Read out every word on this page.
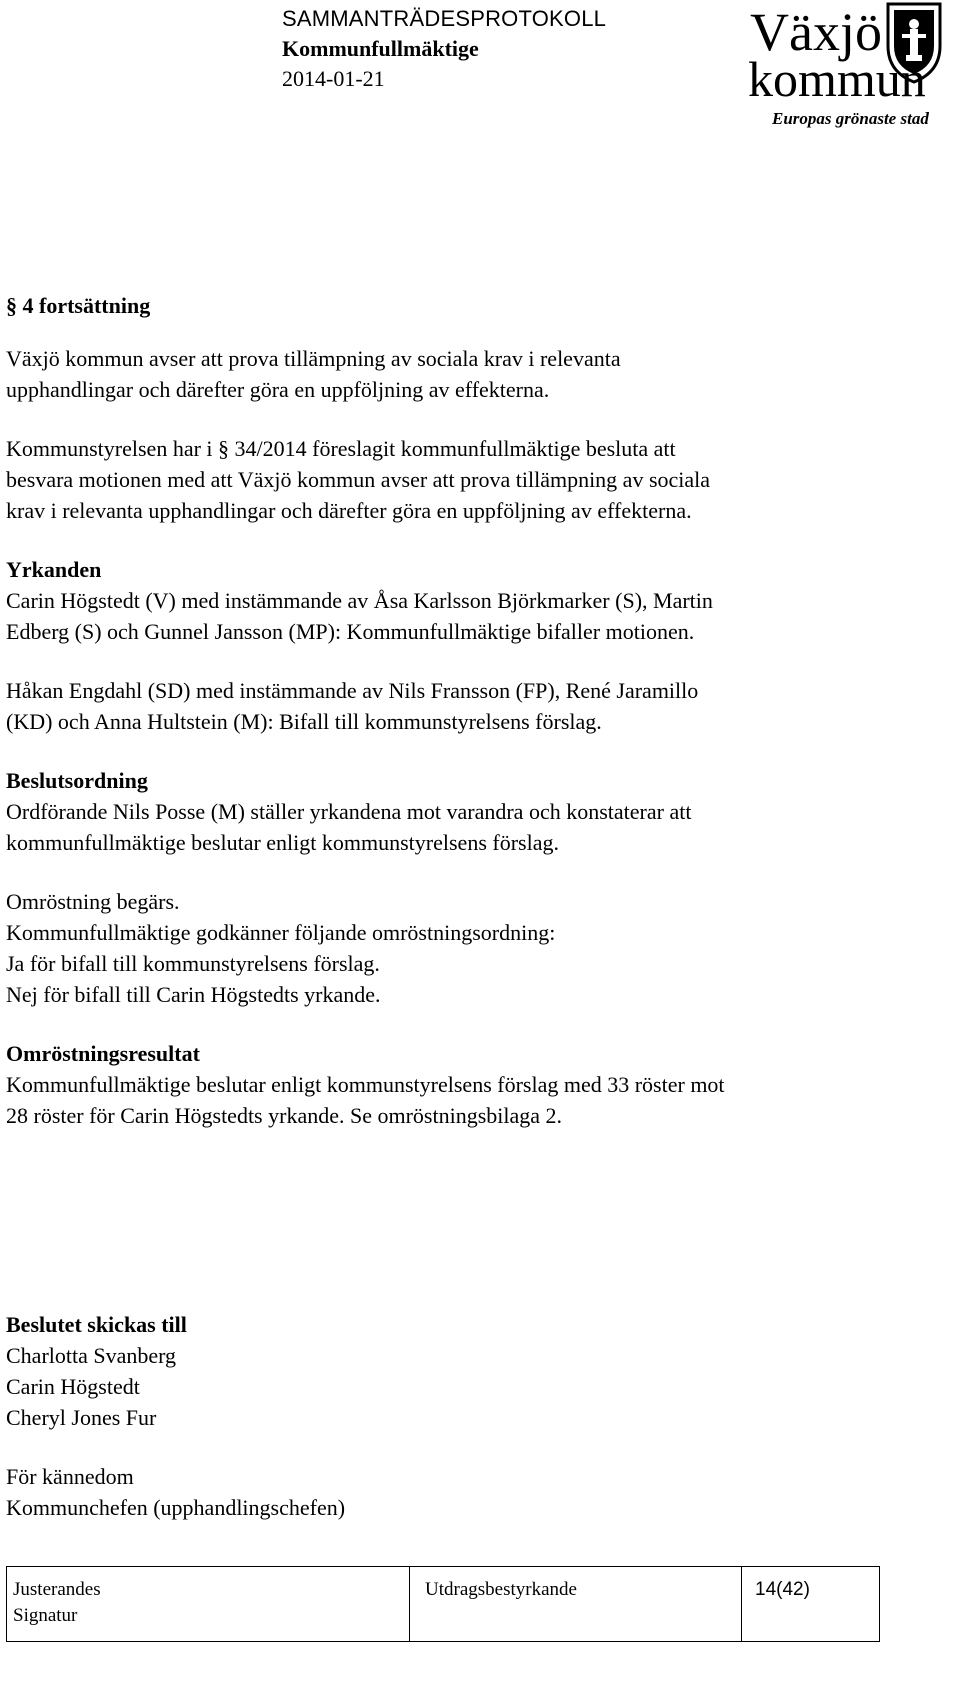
SAMMANTRÄDESPROTOKOLL
Kommunfullmäktige
2014-01-21
Växjö
kommun
Europas grönaste stad
§ 4 fortsättning
Växjö kommun avser att prova tillämpning av sociala krav i relevanta
upphandlingar och därefter göra en uppföljning av effekterna.
Kommunstyrelsen har i § 34/2014 föreslagit kommunfullmäktige besluta att
besvara motionen med att Växjö kommun avser att prova tillämpning av sociala
krav i relevanta upphandlingar och därefter göra en uppföljning av effekterna.
Yrkanden
Carin Högstedt (V) med instämmande av Åsa Karlsson Björkmarker (S), Martin
Edberg (S) och Gunnel Jansson (MP): Kommunfullmäktige bifaller motionen.
Håkan Engdahl (SD) med instämmande av Nils Fransson (FP), René Jaramillo
(KD) och Anna Hultstein (M): Bifall till kommunstyrelsens förslag.
Beslutsordning
Ordförande Nils Posse (M) ställer yrkandena mot varandra och konstaterar att
kommunfullmäktige beslutar enligt kommunstyrelsens förslag.
Omröstning begärs.
Kommunfullmäktige godkänner följande omröstningsordning:
Ja för bifall till kommunstyrelsens förslag.
Nej för bifall till Carin Högstedts yrkande.
Omröstningsresultat
Kommunfullmäktige beslutar enligt kommunstyrelsens förslag med 33 röster mot
28 röster för Carin Högstedts yrkande. Se omröstningsbilaga 2.
Beslutet skickas till
Charlotta Svanberg
Carin Högstedt
Cheryl Jones Fur
För kännedom
Kommunchefen (upphandlingschefen)
Justerandes
Signatur
Utdragsbestyrkande	14(42)
